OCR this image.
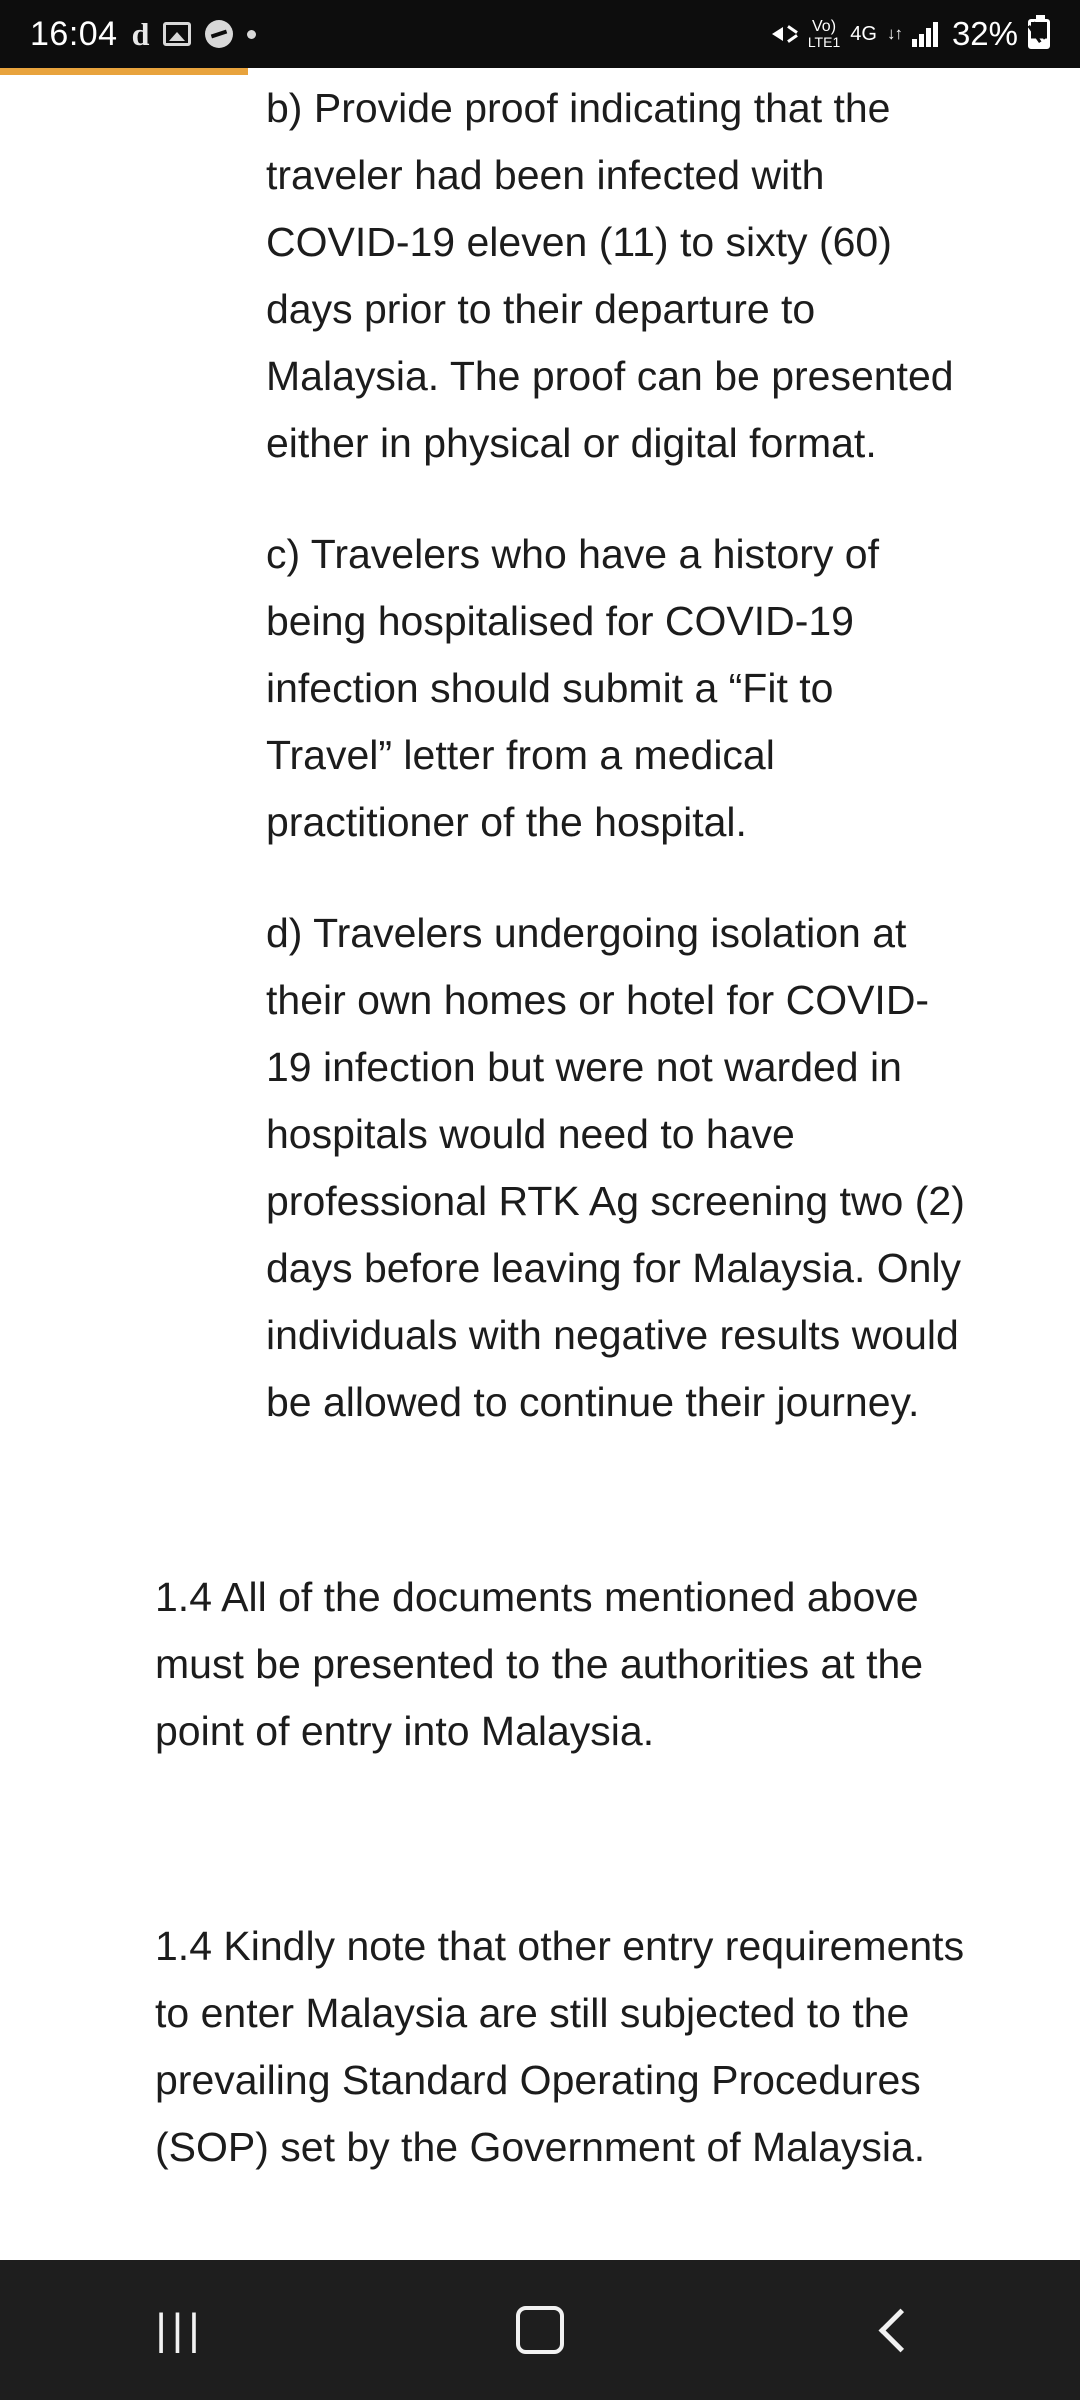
16:04 d	Vo)
LTE1 4G ↓↑ 32%

b) Provide proof indicating that the traveler had been infected with COVID-19 eleven (11) to sixty (60) days prior to their departure to Malaysia. The proof can be presented either in physical or digital format.

c) Travelers who have a history of being hospitalised for COVID-19 infection should submit a “Fit to Travel” letter from a medical practitioner of the hospital.

d) Travelers undergoing isolation at their own homes or hotel for COVID-19 infection but were not warded in hospitals would need to have professional RTK Ag screening two (2) days before leaving for Malaysia. Only individuals with negative results would be allowed to continue their journey.

1.4 All of the documents mentioned above must be presented to the authorities at the point of entry into Malaysia.

1.4 Kindly note that other entry requirements to enter Malaysia are still subjected to the prevailing Standard Operating Procedures (SOP) set by the Government of Malaysia.

|||
